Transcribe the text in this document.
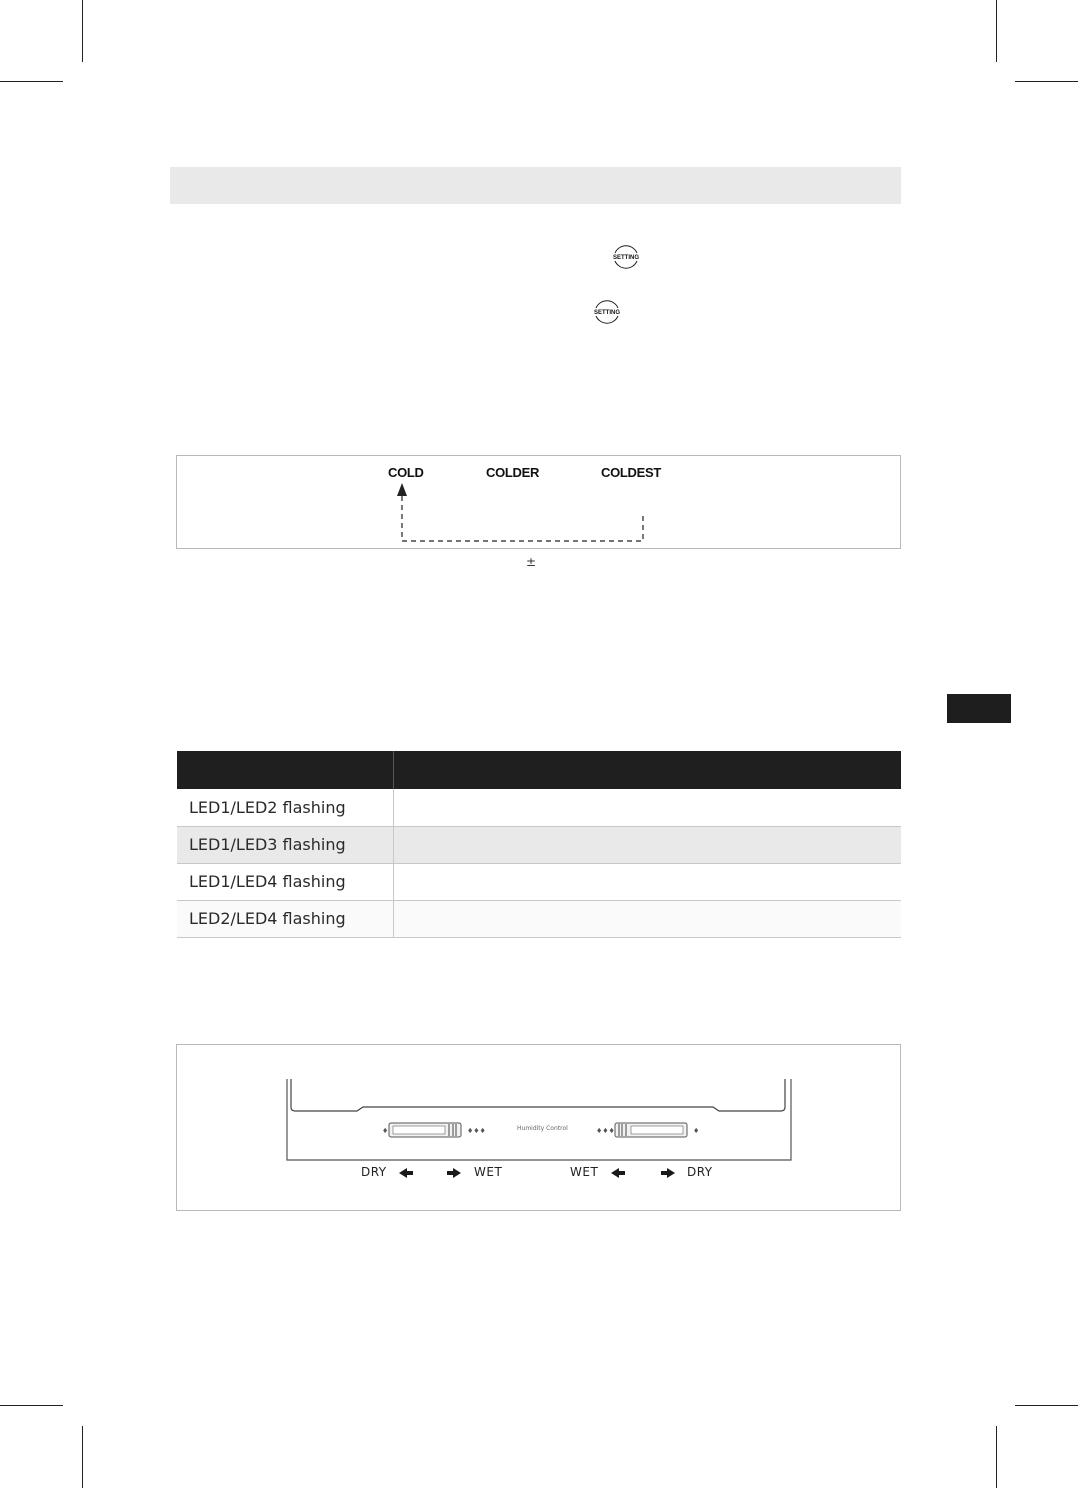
SETTING
SETTING
COLD	COLDER	COLDEST
±

LED1/LED2 flashing	
LED1/LED3 flashing	
LED1/LED4 flashing	
LED2/LED4 flashing	
♦	♦♦♦	♦♦♦	♦
Humidity Control
DRY	WET	WET	DRY
